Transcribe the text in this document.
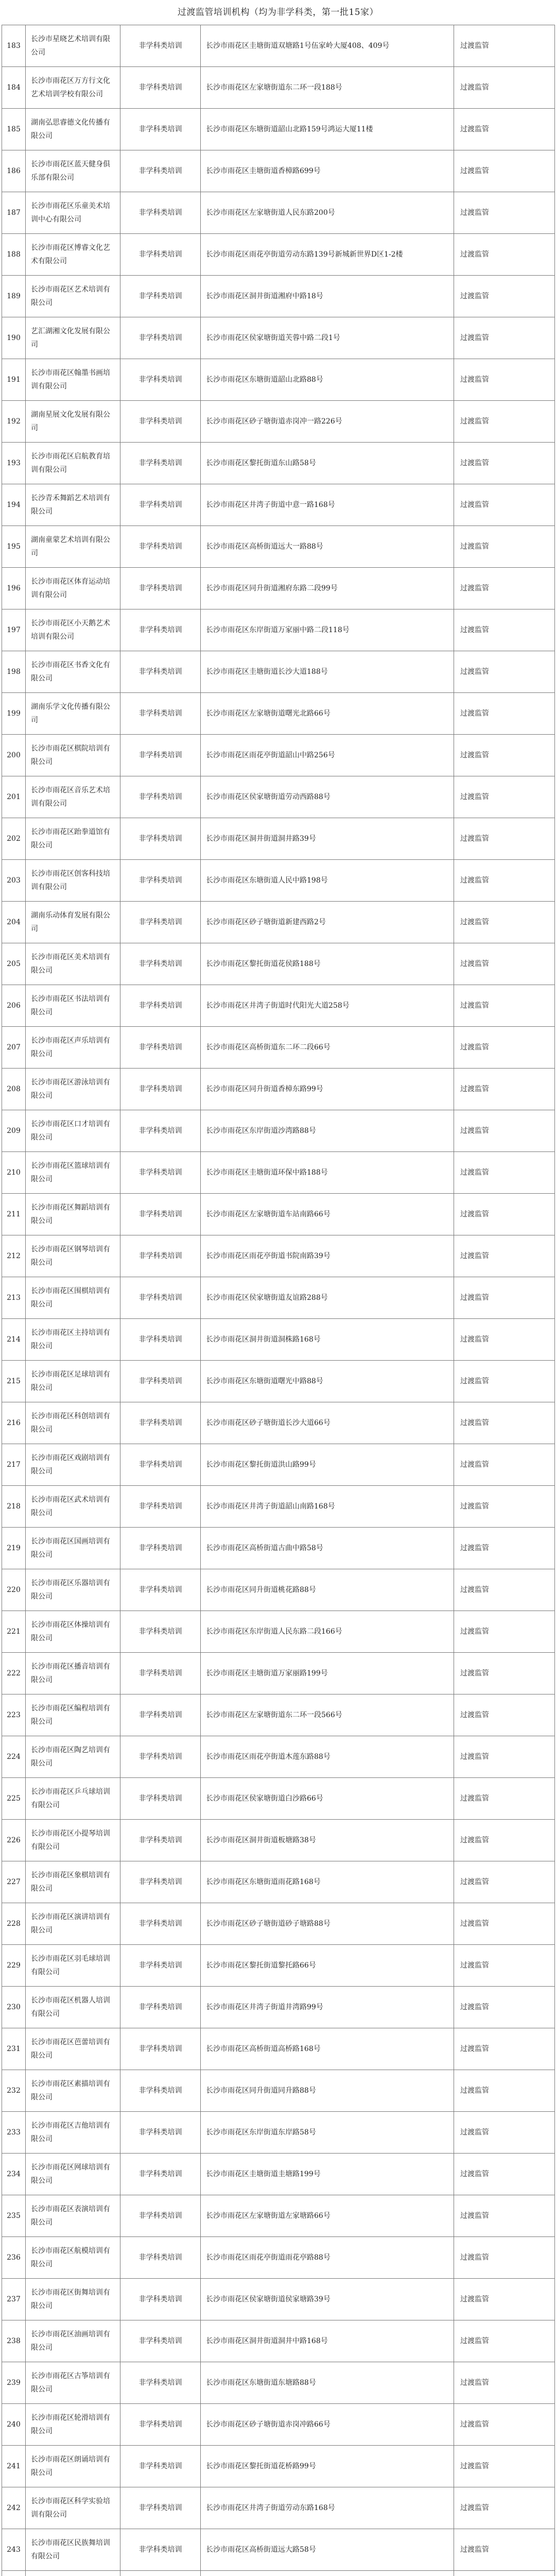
过渡监管培训机构（均为非学科类，第一批15家）
183	长沙市星晓艺术培训有限公司	非学科类培训	长沙市雨花区圭塘街道双塘路1号伍家岭大厦408、409号	过渡监管
184	长沙市雨花区万方行文化艺术培训学校有限公司	非学科类培训	长沙市雨花区左家塘街道东二环一段188号	过渡监管
185	湖南弘思睿德文化传播有限公司	非学科类培训	长沙市雨花区东塘街道韶山北路159号鸿运大厦11楼	过渡监管
186	长沙市雨花区蓝天健身俱乐部有限公司	非学科类培训	长沙市雨花区圭塘街道香樟路699号	过渡监管
187	长沙市雨花区乐童美术培训中心有限公司	非学科类培训	长沙市雨花区左家塘街道人民东路200号	过渡监管
188	长沙市雨花区博睿文化艺术有限公司	非学科类培训	长沙市雨花区雨花亭街道劳动东路139号新城新世界D区1-2楼	过渡监管
189	长沙市雨花区艺术培训有限公司	非学科类培训	长沙市雨花区洞井街道湘府中路18号	过渡监管
190	艺汇湖湘文化发展有限公司	非学科类培训	长沙市雨花区侯家塘街道芙蓉中路二段1号	过渡监管
191	长沙市雨花区翰墨书画培训有限公司	非学科类培训	长沙市雨花区东塘街道韶山北路88号	过渡监管
192	湖南星展文化发展有限公司	非学科类培训	长沙市雨花区砂子塘街道赤岗冲一路226号	过渡监管
193	长沙市雨花区启航教育培训有限公司	非学科类培训	长沙市雨花区黎托街道东山路58号	过渡监管
194	长沙青禾舞蹈艺术培训有限公司	非学科类培训	长沙市雨花区井湾子街道中意一路168号	过渡监管
195	湖南童蒙艺术培训有限公司	非学科类培训	长沙市雨花区高桥街道远大一路88号	过渡监管
196	长沙市雨花区体育运动培训有限公司	非学科类培训	长沙市雨花区同升街道湘府东路二段99号	过渡监管
197	长沙市雨花区小天鹅艺术培训有限公司	非学科类培训	长沙市雨花区东岸街道万家丽中路二段118号	过渡监管
198	长沙市雨花区书香文化有限公司	非学科类培训	长沙市雨花区圭塘街道长沙大道188号	过渡监管
199	湖南乐学文化传播有限公司	非学科类培训	长沙市雨花区左家塘街道曙光北路66号	过渡监管
200	长沙市雨花区棋院培训有限公司	非学科类培训	长沙市雨花区雨花亭街道韶山中路256号	过渡监管
201	长沙市雨花区音乐艺术培训有限公司	非学科类培训	长沙市雨花区侯家塘街道劳动西路88号	过渡监管
202	长沙市雨花区跆拳道馆有限公司	非学科类培训	长沙市雨花区洞井街道洞井路39号	过渡监管
203	长沙市雨花区创客科技培训有限公司	非学科类培训	长沙市雨花区东塘街道人民中路198号	过渡监管
204	湖南乐动体育发展有限公司	非学科类培训	长沙市雨花区砂子塘街道新建西路2号	过渡监管
205	长沙市雨花区美术培训有限公司	非学科类培训	长沙市雨花区黎托街道花侯路188号	过渡监管
206	长沙市雨花区书法培训有限公司	非学科类培训	长沙市雨花区井湾子街道时代阳光大道258号	过渡监管
207	长沙市雨花区声乐培训有限公司	非学科类培训	长沙市雨花区高桥街道东二环二段66号	过渡监管
208	长沙市雨花区游泳培训有限公司	非学科类培训	长沙市雨花区同升街道香樟东路99号	过渡监管
209	长沙市雨花区口才培训有限公司	非学科类培训	长沙市雨花区东岸街道沙湾路88号	过渡监管
210	长沙市雨花区篮球培训有限公司	非学科类培训	长沙市雨花区圭塘街道环保中路188号	过渡监管
211	长沙市雨花区舞蹈培训有限公司	非学科类培训	长沙市雨花区左家塘街道车站南路66号	过渡监管
212	长沙市雨花区钢琴培训有限公司	非学科类培训	长沙市雨花区雨花亭街道书院南路39号	过渡监管
213	长沙市雨花区围棋培训有限公司	非学科类培训	长沙市雨花区侯家塘街道友谊路288号	过渡监管
214	长沙市雨花区主持培训有限公司	非学科类培训	长沙市雨花区洞井街道洞株路168号	过渡监管
215	长沙市雨花区足球培训有限公司	非学科类培训	长沙市雨花区东塘街道曙光中路88号	过渡监管
216	长沙市雨花区科创培训有限公司	非学科类培训	长沙市雨花区砂子塘街道长沙大道66号	过渡监管
217	长沙市雨花区戏剧培训有限公司	非学科类培训	长沙市雨花区黎托街道洪山路99号	过渡监管
218	长沙市雨花区武术培训有限公司	非学科类培训	长沙市雨花区井湾子街道韶山南路168号	过渡监管
219	长沙市雨花区国画培训有限公司	非学科类培训	长沙市雨花区高桥街道古曲中路58号	过渡监管
220	长沙市雨花区乐器培训有限公司	非学科类培训	长沙市雨花区同升街道桃花路88号	过渡监管
221	长沙市雨花区体操培训有限公司	非学科类培训	长沙市雨花区东岸街道人民东路二段166号	过渡监管
222	长沙市雨花区播音培训有限公司	非学科类培训	长沙市雨花区圭塘街道万家丽路199号	过渡监管
223	长沙市雨花区编程培训有限公司	非学科类培训	长沙市雨花区左家塘街道东二环一段566号	过渡监管
224	长沙市雨花区陶艺培训有限公司	非学科类培训	长沙市雨花区雨花亭街道木莲东路88号	过渡监管
225	长沙市雨花区乒乓球培训有限公司	非学科类培训	长沙市雨花区侯家塘街道白沙路66号	过渡监管
226	长沙市雨花区小提琴培训有限公司	非学科类培训	长沙市雨花区洞井街道板塘路38号	过渡监管
227	长沙市雨花区象棋培训有限公司	非学科类培训	长沙市雨花区东塘街道雨花路168号	过渡监管
228	长沙市雨花区演讲培训有限公司	非学科类培训	长沙市雨花区砂子塘街道砂子塘路88号	过渡监管
229	长沙市雨花区羽毛球培训有限公司	非学科类培训	长沙市雨花区黎托街道黎托路66号	过渡监管
230	长沙市雨花区机器人培训有限公司	非学科类培训	长沙市雨花区井湾子街道井湾路99号	过渡监管
231	长沙市雨花区芭蕾培训有限公司	非学科类培训	长沙市雨花区高桥街道高桥路168号	过渡监管
232	长沙市雨花区素描培训有限公司	非学科类培训	长沙市雨花区同升街道同升路88号	过渡监管
233	长沙市雨花区吉他培训有限公司	非学科类培训	长沙市雨花区东岸街道东岸路58号	过渡监管
234	长沙市雨花区网球培训有限公司	非学科类培训	长沙市雨花区圭塘街道圭塘路199号	过渡监管
235	长沙市雨花区表演培训有限公司	非学科类培训	长沙市雨花区左家塘街道左家塘路66号	过渡监管
236	长沙市雨花区航模培训有限公司	非学科类培训	长沙市雨花区雨花亭街道雨花亭路88号	过渡监管
237	长沙市雨花区街舞培训有限公司	非学科类培训	长沙市雨花区侯家塘街道侯家塘路39号	过渡监管
238	长沙市雨花区油画培训有限公司	非学科类培训	长沙市雨花区洞井街道洞井中路168号	过渡监管
239	长沙市雨花区古筝培训有限公司	非学科类培训	长沙市雨花区东塘街道东塘路88号	过渡监管
240	长沙市雨花区轮滑培训有限公司	非学科类培训	长沙市雨花区砂子塘街道赤岗冲路66号	过渡监管
241	长沙市雨花区朗诵培训有限公司	非学科类培训	长沙市雨花区黎托街道花桥路99号	过渡监管
242	长沙市雨花区科学实验培训有限公司	非学科类培训	长沙市雨花区井湾子街道劳动东路168号	过渡监管
243	长沙市雨花区民族舞培训有限公司	非学科类培训	长沙市雨花区高桥街道远大路58号	过渡监管
